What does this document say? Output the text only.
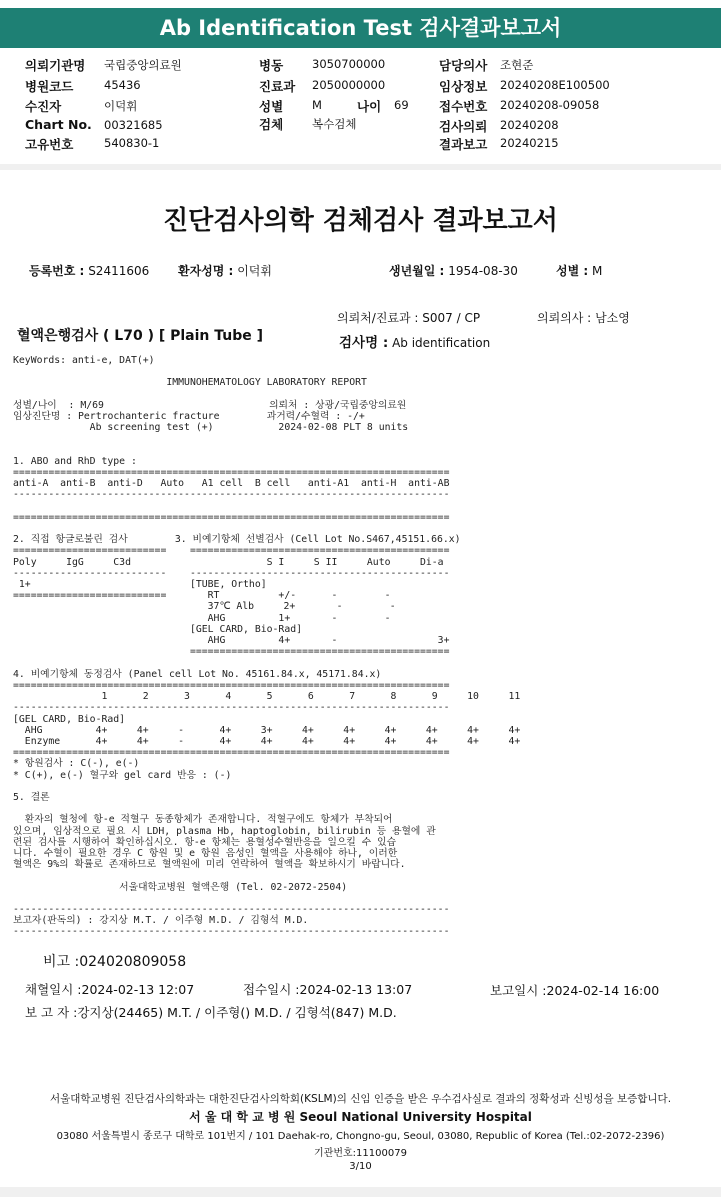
Ab Identification Test 검사결과보고서
의뢰기관명 국립중앙의료원
병원코드	45436
수진자	이덕휘
Chart No. 00321685
고유번호	540830-1
병동	3050700000
진료과 2050000000
성별	M	나이 69
검체	복수검체
담당의사 조현준
임상정보 20240208E100500
접수번호 20240208-09058
검사의뢰 20240208
결과보고 20240215
진단검사의학 검체검사 결과보고서
등록번호 : S2411606 환자성명 : 이덕휘	생년월일 : 1954-08-30	성별 : M
의뢰처/진료과 : S007 / CP	의뢰의사 : 남소영
혈액은행검사 ( L70 ) [ Plain Tube ]	검사명 : Ab identification
KeyWords: anti-e, DAT(+)

IMMUNOHEMATOLOGY LABORATORY REPORT

성별/나이  : M/69                            의뢰처 : 상광/국립중앙의료원
임상진단명 : Pertrochanteric fracture        과거력/수혈력 : -/+
Ab screening test (+)           2024-02-08 PLT 8 units

1. ABO and RhD type :
==========================================================================
anti-A  anti-B  anti-D   Auto   A1 cell  B cell   anti-A1  anti-H  anti-AB
--------------------------------------------------------------------------

==========================================================================

2. 직접 항글로불린 검사        3. 비예기항체 선별검사 (Cell Lot No.S467,45151.66.x)
==========================    ============================================
Poly     IgG     C3d                       S I     S II     Auto     Di-a
--------------------------    --------------------------------------------
1+                           [TUBE, Ortho]
==========================       RT          +/-      -        -
37℃ Alb     2+       -        -
AHG         1+       -        -
[GEL CARD, Bio-Rad]
AHG         4+       -                 3+
============================================

4. 비예기항체 동정검사 (Panel cell Lot No. 45161.84.x, 45171.84.x)
==========================================================================
1      2      3      4      5      6      7      8      9     10     11
--------------------------------------------------------------------------
[GEL CARD, Bio-Rad]
AHG         4+     4+     -      4+     3+     4+     4+     4+     4+     4+     4+
Enzyme      4+     4+     -      4+     4+     4+     4+     4+     4+     4+     4+
==========================================================================
* 항원검사 : C(-), e(-)
* C(+), e(-) 혈구와 gel card 반응 : (-)

5. 결론

환자의 혈청에 항-e 적혈구 동종항체가 존재합니다. 적혈구에도 항체가 부착되어
있으며, 임상적으로 필요 시 LDH, plasma Hb, haptoglobin, bilirubin 등 용혈에 관
련된 검사를 시행하여 확인하십시오. 항-e 항체는 용혈성수혈반응을 일으킬 수 있습
니다. 수혈이 필요한 경우 C 항원 및 e 항원 음성인 혈액을 사용해야 하나, 이러한
혈액은 9%의 확률로 존재하므로 혈액원에 미리 연락하여 혈액을 확보하시기 바랍니다.

서울대학교병원 혈액은행 (Tel. 02-2072-2504)

--------------------------------------------------------------------------
보고자(판독의) : 강지상 M.T. / 이주형 M.D. / 김형석 M.D.
--------------------------------------------------------------------------
비고 :024020809058
채혈일시 :2024-02-13 12:07	접수일시 :2024-02-13 13:07	보고일시 :2024-02-14 16:00
보 고 자 :강지상(24465) M.T. / 이주형() M.D. / 김형석(847) M.D.
서울대학교병원 진단검사의학과는 대한진단검사의학회(KSLM)의 신임 인증을 받은 우수검사실로 결과의 정확성과 신빙성을 보증합니다.
서 울 대 학 교 병 원 Seoul National University Hospital
03080 서울특별시 종로구 대학로 101번지 / 101 Daehak-ro, Chongno-gu, Seoul, 03080, Republic of Korea (Tel.:02-2072-2396)
기관번호:11100079
3/10
